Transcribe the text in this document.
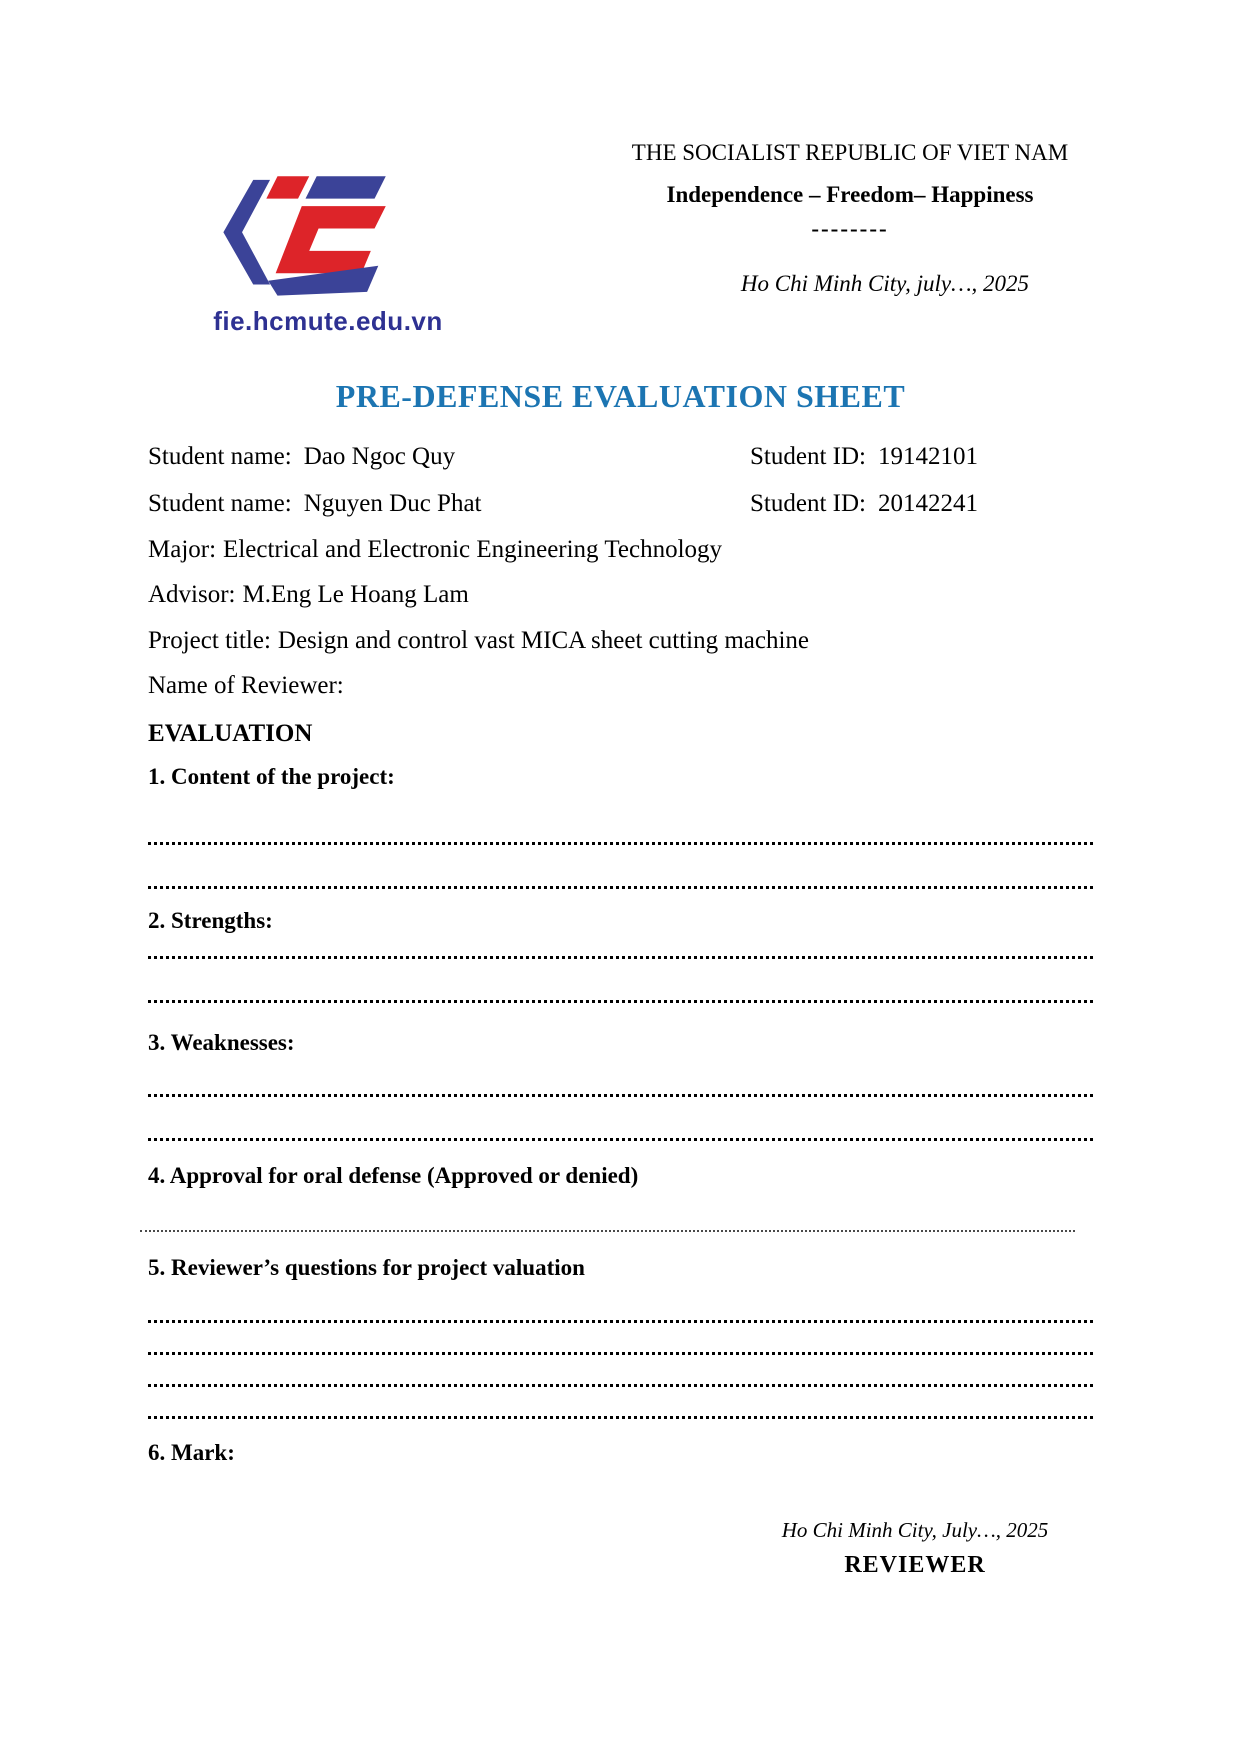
fie.hcmute.edu.vn
THE SOCIALIST REPUBLIC OF VIET NAM
Independence – Freedom– Happiness
--------
Ho Chi Minh City, july…, 2025
PRE-DEFENSE EVALUATION SHEET
Student name: Dao Ngoc Quy	Student ID: 19142101
Student name: Nguyen Duc Phat	Student ID: 20142241
Major: Electrical and Electronic Engineering Technology
Advisor: M.Eng Le Hoang Lam
Project title: Design and control vast MICA sheet cutting machine
Name of Reviewer:
EVALUATION
1. Content of the project:
2. Strengths:
3. Weaknesses:
4. Approval for oral defense (Approved or denied)
5. Reviewer’s questions for project valuation
6. Mark:
Ho Chi Minh City, July…, 2025
REVIEWER
